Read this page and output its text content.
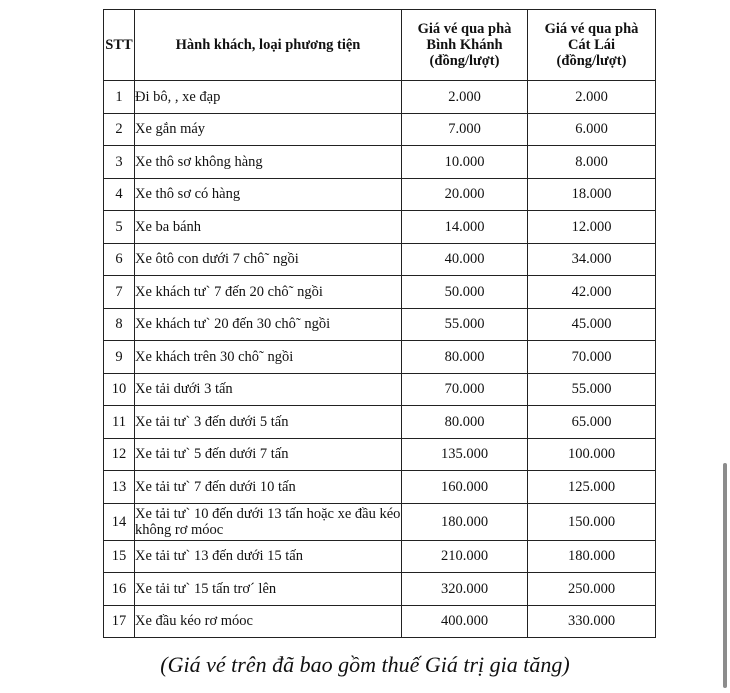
STT	Hành khách, loại phương tiện	Giá vé qua phà
Bình Khánh
(đồng/lượt)	Giá vé qua phà
Cát Lái
(đồng/lượt)
1	Đi bô, , xe đạp	2.000	2.000
2	Xe gắn máy	7.000	6.000
3	Xe thô sơ không hàng	10.000	8.000
4	Xe thô sơ có hàng	20.000	18.000
5	Xe ba bánh	14.000	12.000
6	Xe ôtô con dưới 7 chô˜ ngồi	40.000	34.000
7	Xe khách tư` 7 đến 20 chô˜ ngồi	50.000	42.000
8	Xe khách tư` 20 đến 30 chô˜ ngồi	55.000	45.000
9	Xe khách trên 30 chô˜ ngồi	80.000	70.000
10	Xe tải dưới 3 tấn	70.000	55.000
11	Xe tải tư` 3 đến dưới 5 tấn	80.000	65.000
12	Xe tải tư` 5 đến dưới 7 tấn	135.000	100.000
13	Xe tải tư` 7 đến dưới 10 tấn	160.000	125.000
14	Xe tải tư` 10 đến dưới 13 tấn hoặc xe đầu kéo không rơ móoc	180.000	150.000
15	Xe tải tư` 13 đến dưới 15 tấn	210.000	180.000
16	Xe tải tư` 15 tấn trơ´ lên	320.000	250.000
17	Xe đầu kéo rơ móoc	400.000	330.000
(Giá vé trên đã bao gồm thuế Giá trị gia tăng)
